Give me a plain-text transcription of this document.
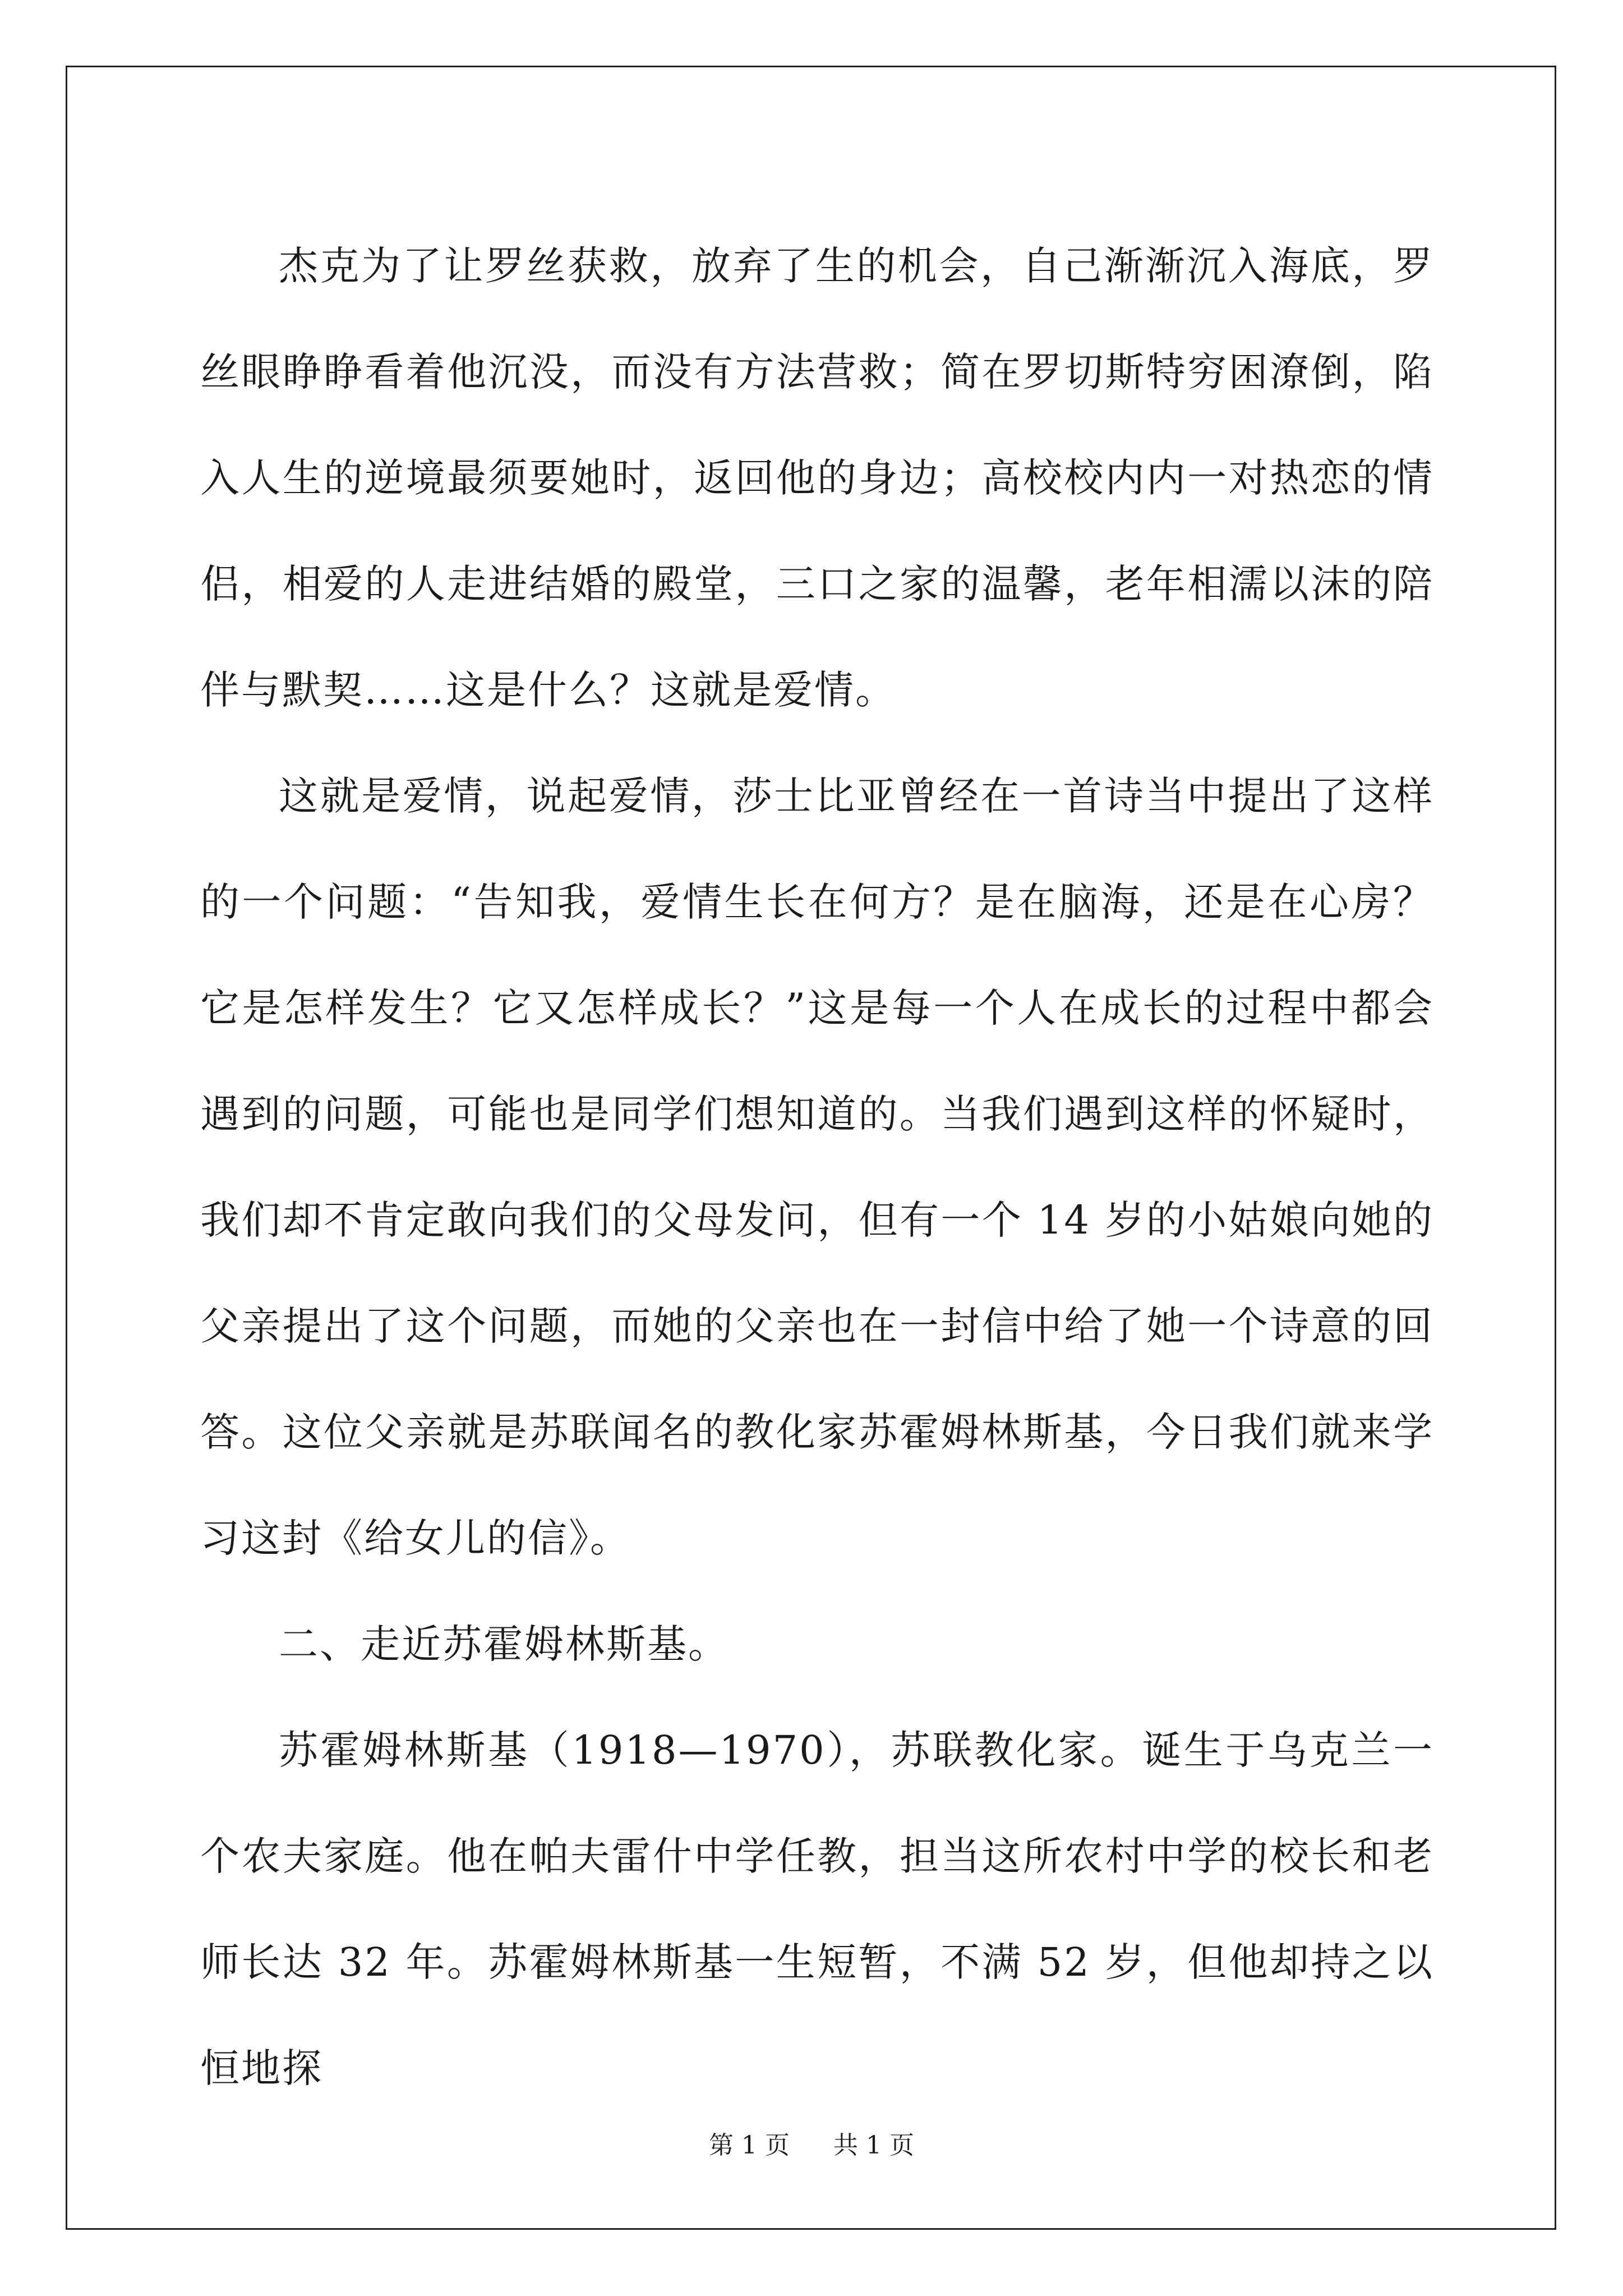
杰克为了让罗丝获救，放弃了生的机会，自己渐渐沉入海底，罗丝眼睁睁看着他沉没，而没有方法营救；简在罗切斯特穷困潦倒，陷入人生的逆境最须要她时，返回他的身边；高校校内内一对热恋的情侣，相爱的人走进结婚的殿堂，三口之家的温馨，老年相濡以沫的陪伴与默契……这是什么？这就是爱情。

这就是爱情，说起爱情，莎士比亚曾经在一首诗当中提出了这样的一个问题：“告知我，爱情生长在何方？是在脑海，还是在心房？它是怎样发生？它又怎样成长？”这是每一个人在成长的过程中都会遇到的问题，可能也是同学们想知道的。当我们遇到这样的怀疑时，我们却不肯定敢向我们的父母发问，但有一个 14 岁的小姑娘向她的父亲提出了这个问题，而她的父亲也在一封信中给了她一个诗意的回答。这位父亲就是苏联闻名的教化家苏霍姆林斯基，今日我们就来学习这封《给女儿的信》。

二、走近苏霍姆林斯基。

苏霍姆林斯基（1918—1970），苏联教化家。诞生于乌克兰一个农夫家庭。他在帕夫雷什中学任教，担当这所农村中学的校长和老师长达 32 年。苏霍姆林斯基一生短暂，不满 52 岁，但他却持之以恒地探

第 1 页 共 1 页
